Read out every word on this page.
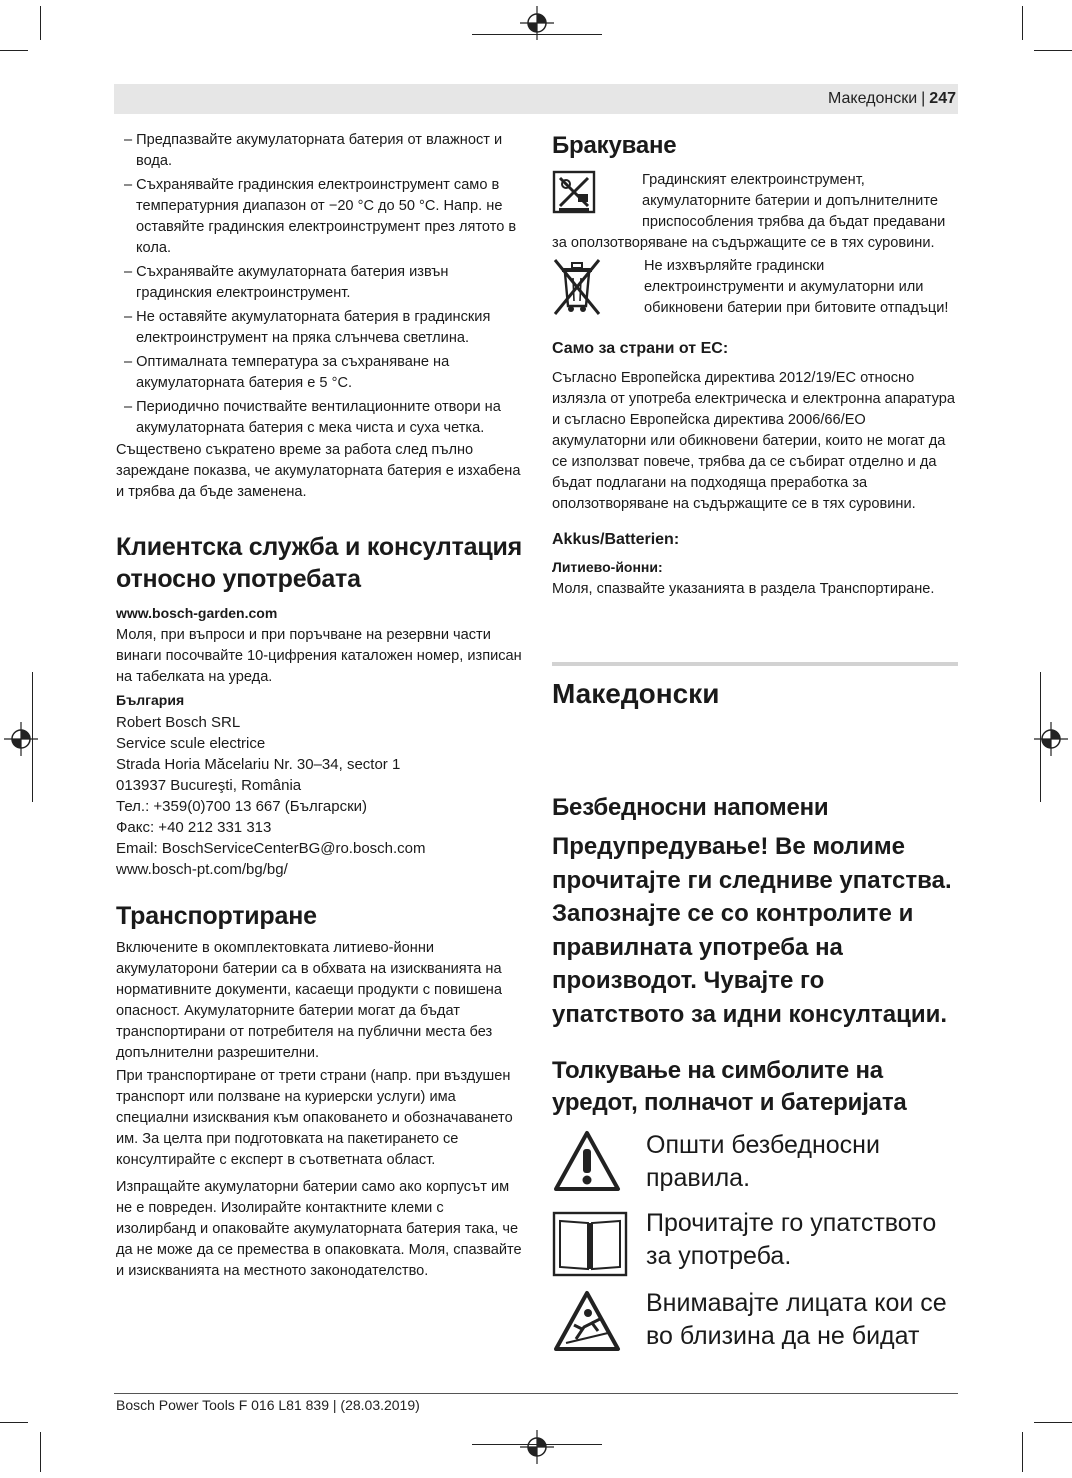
Македонски | 247

– Предпазвайте акумулаторната батерия от влажност и вода.

– Съхранявайте градинския електроинструмент само в температурния диапазон от −20 °C до 50 °C. Напр. не оставяйте градинския електроинструмент през лятото в кола.

– Съхранявайте акумулаторната батерия извън градинския електроинструмент.

– Не оставяйте акумулаторната батерия в градинския електроинструмент на пряка слънчева светлина.

– Оптималната температура за съхраняване на акумулаторната батерия е 5 °C.

– Периодично почиствайте вентилационните отвори на акумулаторната батерия с мека чиста и суха четка.

Съществено съкратено време за работа след пълно зареждане показва, че акумулаторната батерия е изхабена и трябва да бъде заменена.

Клиентска служба и консултация относно употребата

www.bosch-garden.com

Моля, при въпроси и при поръчване на резервни части винаги посочвайте 10-цифрения каталожен номер, изписан на табелката на уреда.

България

Robert Bosch SRL
Service scule electrice
Strada Horia Măcelariu Nr. 30–34, sector 1
013937 Bucureşti, România
Тел.: +359(0)700 13 667 (Български)
Факс: +40 212 331 313
Email: BoschServiceCenterBG@ro.bosch.com
www.bosch-pt.com/bg/bg/
Транспортиране

Включените в окомплектовката литиево-йонни акумулаторони батерии са в обхвата на изискванията на нормативните документи, касаещи продукти с повишена опасност. Акумулаторните батерии могат да бъдат транспортирани от потребителя на публични места без допълнителни разрешителни.

При транспортиране от трети страни (напр. при въздушен транспорт или ползване на куриерски услуги) има специални изисквания към опаковането и обозначаването им. За целта при подготовката на пакетирането се консултирайте с експерт в съответната област.

Изпращайте акумулаторни батерии само ако корпусът им не е повреден. Изолирайте контактните клеми с изолирбанд и опаковайте акумулаторната батерия така, че да не може да се премества в опаковката. Моля, спазвайте и изискванията на местното законодателство.

Бракуване

Градинският електроинструмент, акумулаторните батерии и допълнителните приспособления трябва да бъдат предавани за оползотворяване на съдържащите се в тях суровини.

Не изхвърляйте градински електроинструменти и акумулаторни или обикновени батерии при битовите отпадъци!

Само за страни от ЕС:

Съгласно Европейска директива 2012/19/ЕС относно излязла от употреба електрическа и електронна апаратура и съгласно Европейска директива 2006/66/EO акумулаторни или обикновени батерии, които не могат да се използват повече, трябва да се събират отделно и да бъдат подлагани на подходяща преработка за оползотворяване на съдържащите се в тях суровини.

Akkus/Batterien:

Литиево-йонни:

Моля, спазвайте указанията в раздела Транспортиране.

Македонски
Безбедносни напомени

Предупредување! Ве молиме прочитајте ги следниве упатства. Запознајте се со контролите и правилната употреба на производот. Чувајте го упатството за идни консултации.

Толкување на симболите на уредот, полначот и батеријата
Општи безбедносни правила.
Прочитајте го упатството за употреба.
Внимавајте лицата кои се во близина да не бидат
Bosch Power Tools F 016 L81 839 | (28.03.2019)
